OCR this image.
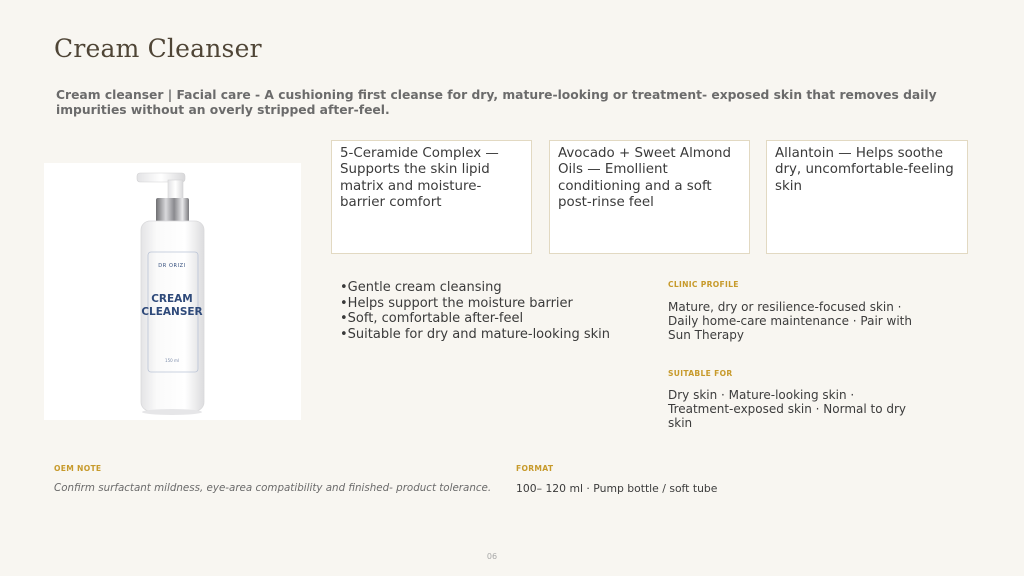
Cream Cleanser
Cream cleanser | Facial care - A cushioning first cleanse for dry, mature-looking or treatment- exposed skin that removes daily impurities without an overly stripped after-feel.
DR ORIZI
CREAM
CLEANSER
150 ml
5-Ceramide Complex — Supports the skin lipid matrix and moisture-barrier comfort
Avocado + Sweet Almond Oils — Emollient conditioning and a soft post-rinse feel
Allantoin — Helps soothe dry, uncomfortable-feeling skin
• Gentle cream cleansing
• Helps support the moisture barrier
• Soft, comfortable after-feel
• Suitable for dry and mature-looking skin
CLINIC PROFILE
Mature, dry or resilience-focused skin · Daily home-care maintenance · Pair with Sun Therapy
SUITABLE FOR
Dry skin · Mature-looking skin · Treatment-exposed skin · Normal to dry skin
OEM NOTE
Confirm surfactant mildness, eye-area compatibility and finished- product tolerance.
FORMAT
100– 120 ml · Pump bottle / soft tube
06
